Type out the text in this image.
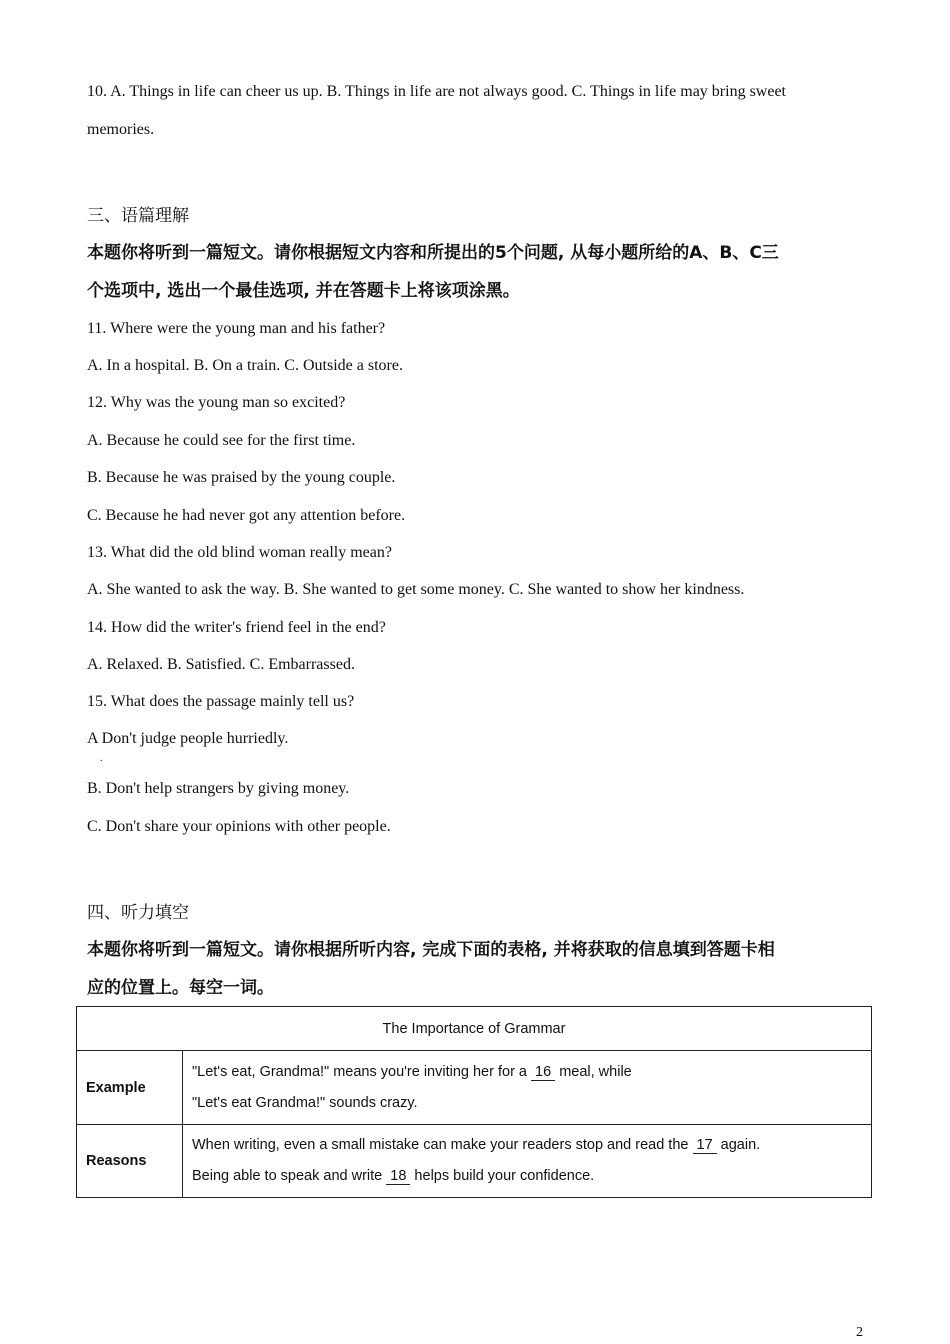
10. A. Things in life can cheer us up. B. Things in life are not always good. C. Things in life may bring sweet
memories.
三、语篇理解
本题你将听到一篇短文。请你根据短文内容和所提出的5个问题, 从每小题所给的A、B、C三
个选项中, 选出一个最佳选项, 并在答题卡上将该项涂黑。
11. Where were the young man and his father?
A. In a hospital. B. On a train. C. Outside a store.
12. Why was the young man so excited?
A. Because he could see for the first time.
B. Because he was praised by the young couple.
C. Because he had never got any attention before.
13. What did the old blind woman really mean?
A. She wanted to ask the way. B. She wanted to get some money. C. She wanted to show her kindness.
14. How did the writer's friend feel in the end?
A. Relaxed. B. Satisfied. C. Embarrassed.
15. What does the passage mainly tell us?
A Don't judge people hurriedly.
.
B. Don't help strangers by giving money.
C. Don't share your opinions with other people.
四、听力填空
本题你将听到一篇短文。请你根据所听内容, 完成下面的表格, 并将获取的信息填到答题卡相
应的位置上。每空一词。
The Importance of Grammar	
Example	"Let's eat, Grandma!" means you're inviting her for a 16 meal, while
"Let's eat Grandma!" sounds crazy.

Reasons	When writing, even a small mistake can make your readers stop and read the 17 again.
Being able to speak and write 18 helps build your confidence.
2
